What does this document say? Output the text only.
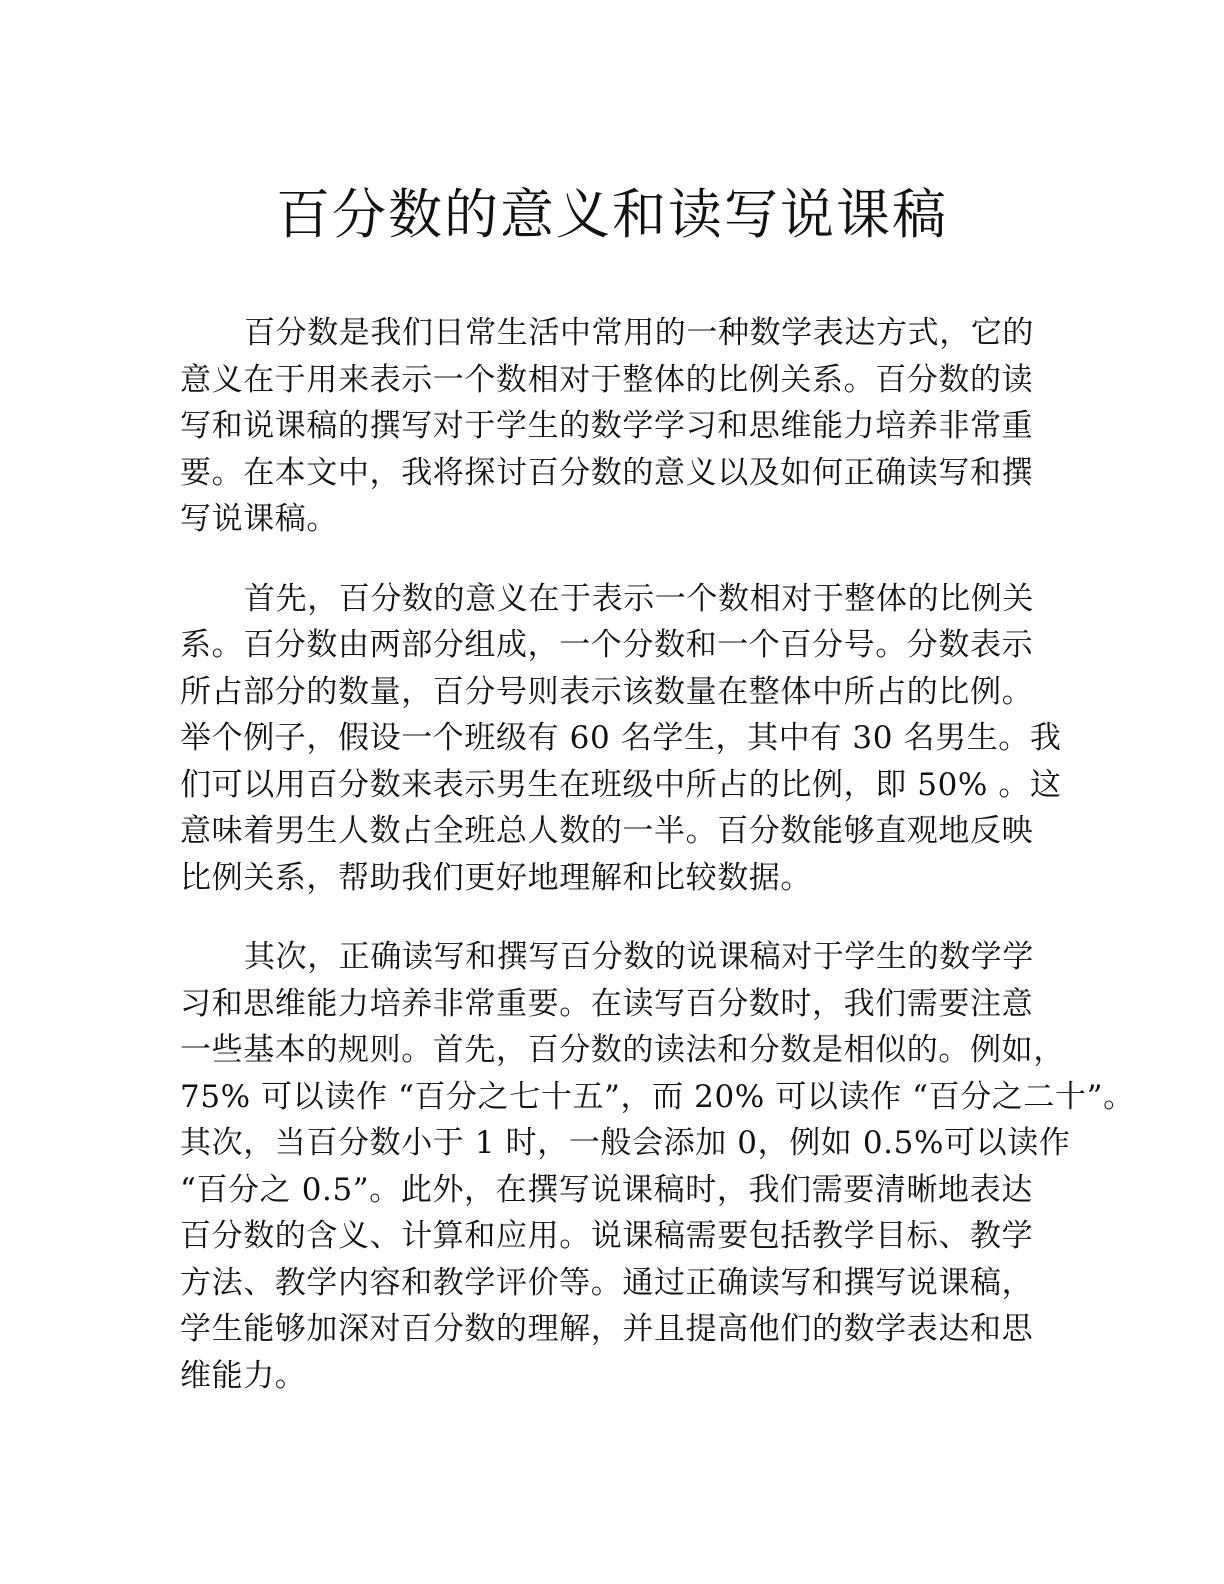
百分数的意义和读写说课稿

百分数是我们日常生活中常用的一种数学表达方式，它的
意义在于用来表示一个数相对于整体的比例关系。百分数的读
写和说课稿的撰写对于学生的数学学习和思维能力培养非常重
要。在本文中，我将探讨百分数的意义以及如何正确读写和撰
写说课稿。

首先，百分数的意义在于表示一个数相对于整体的比例关
系。百分数由两部分组成，一个分数和一个百分号。分数表示
所占部分的数量，百分号则表示该数量在整体中所占的比例。
举个例子，假设一个班级有 60 名学生，其中有 30 名男生。我
们可以用百分数来表示男生在班级中所占的比例，即 50% 。这
意味着男生人数占全班总人数的一半。百分数能够直观地反映
比例关系，帮助我们更好地理解和比较数据。

其次，正确读写和撰写百分数的说课稿对于学生的数学学
习和思维能力培养非常重要。在读写百分数时，我们需要注意
一些基本的规则。首先，百分数的读法和分数是相似的。例如，
75% 可以读作 “百分之七十五”，而 20% 可以读作 “百分之二十”。
其次，当百分数小于 1 时，一般会添加 0，例如 0.5%可以读作
“百分之 0.5”。此外，在撰写说课稿时，我们需要清晰地表达
百分数的含义、计算和应用。说课稿需要包括教学目标、教学
方法、教学内容和教学评价等。通过正确读写和撰写说课稿，
学生能够加深对百分数的理解，并且提高他们的数学表达和思
维能力。
